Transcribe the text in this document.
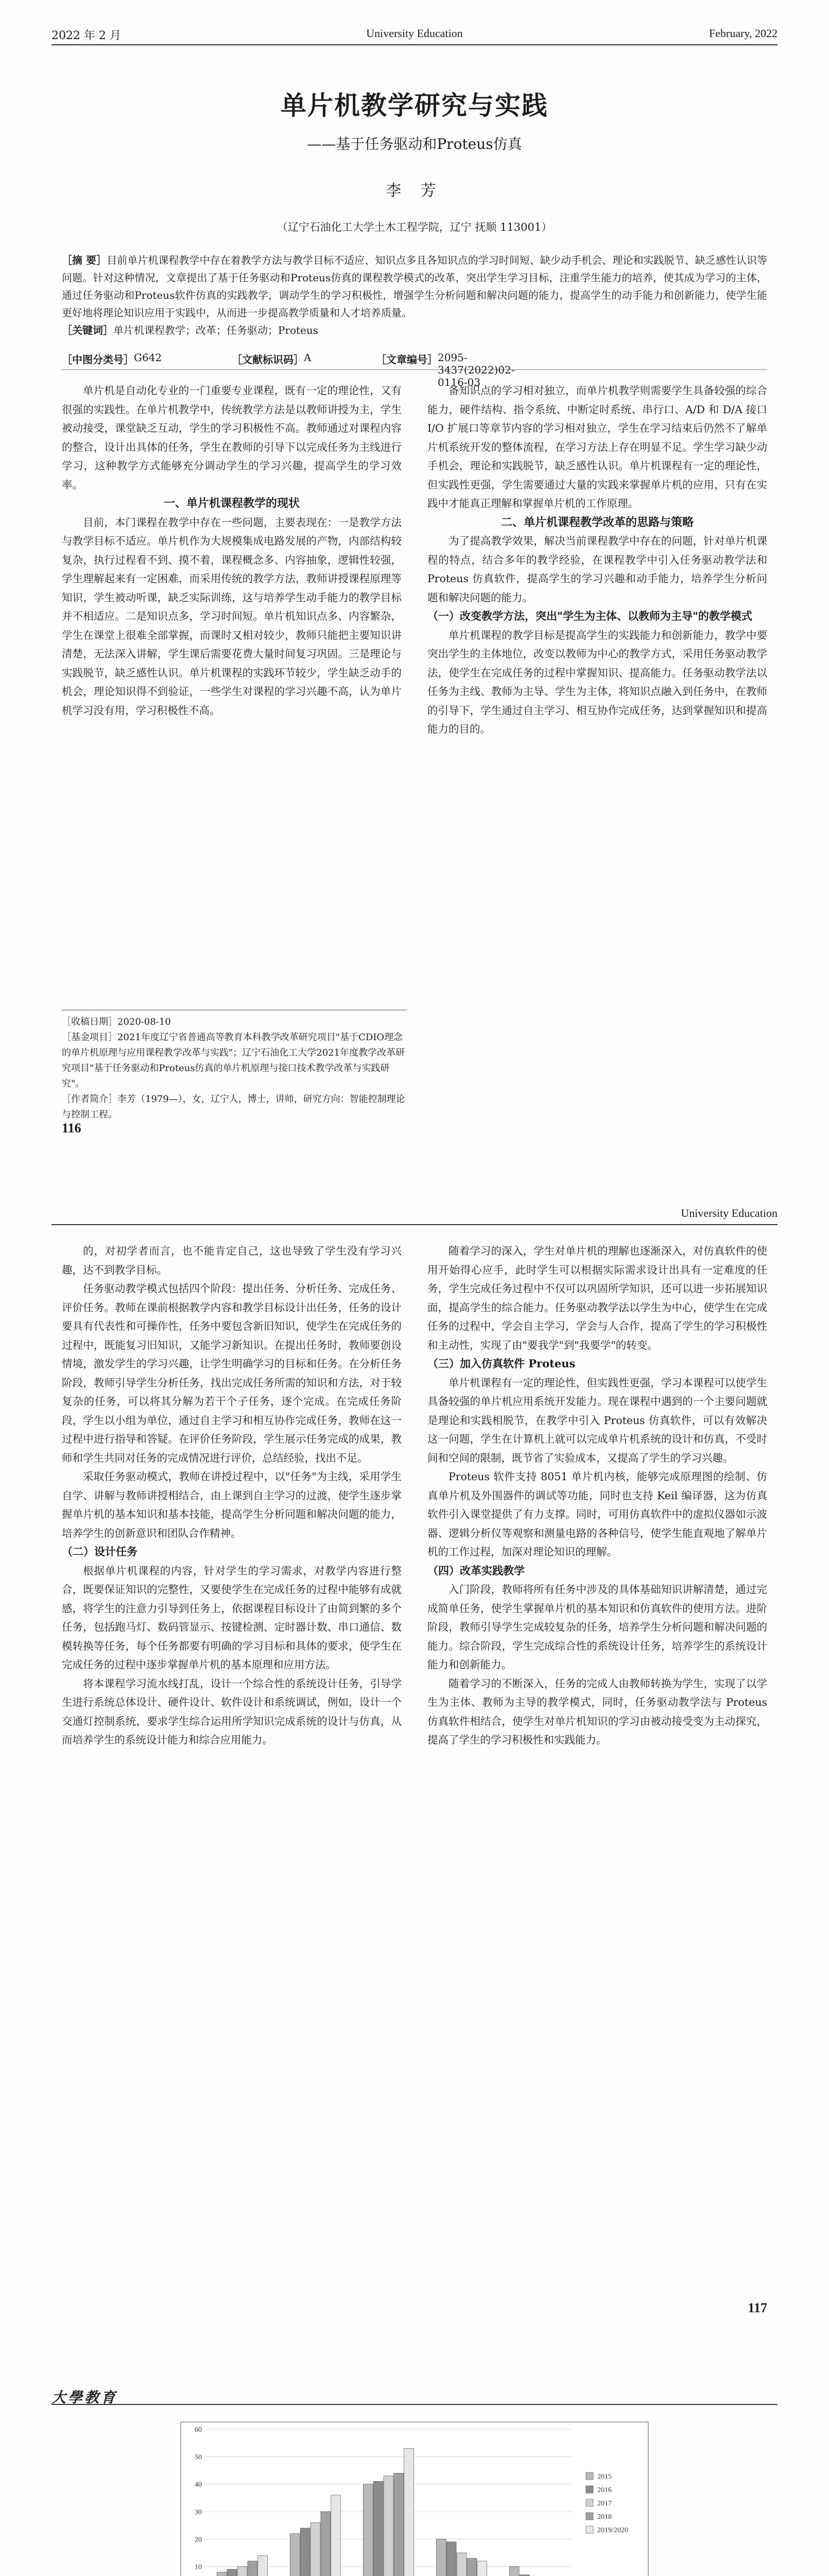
2022 年 2 月	University Education	February, 2022
单片机教学研究与实践
——基于任务驱动和Proteus仿真
李 芳
（辽宁石油化工大学土木工程学院，辽宁 抚顺 113001）
［摘 要］目前单片机课程教学中存在着教学方法与教学目标不适应、知识点多且各知识点的学习时间短、缺少动手机会、理论和实践脱节、缺乏感性认识等问题。针对这种情况，文章提出了基于任务驱动和Proteus仿真的课程教学模式的改革，突出学生学习目标，注重学生能力的培养，使其成为学习的主体，通过任务驱动和Proteus软件仿真的实践教学，调动学生的学习积极性，增强学生分析问题和解决问题的能力，提高学生的动手能力和创新能力，使学生能更好地将理论知识应用于实践中，从而进一步提高教学质量和人才培养质量。
［关键词］单片机课程教学；改革；任务驱动；Proteus
［中图分类号］ G642	［文献标识码］ A	［文章编号］ 2095-3437(2022)02-0116-03

单片机是自动化专业的一门重要专业课程，既有一定的理论性，又有很强的实践性。在单片机教学中，传统教学方法是以教师讲授为主，学生被动接受，课堂缺乏互动，学生的学习积极性不高。教师通过对课程内容的整合，设计出具体的任务，学生在教师的引导下以完成任务为主线进行学习，这种教学方式能够充分调动学生的学习兴趣，提高学生的学习效率。

一、单片机课程教学的现状

目前，本门课程在教学中存在一些问题，主要表现在：一是教学方法与教学目标不适应。单片机作为大规模集成电路发展的产物，内部结构较复杂，执行过程看不到、摸不着，课程概念多、内容抽象，逻辑性较强，学生理解起来有一定困难，而采用传统的教学方法，教师讲授课程原理等知识，学生被动听课，缺乏实际训练，这与培养学生动手能力的教学目标并不相适应。二是知识点多，学习时间短。单片机知识点多、内容繁杂，学生在课堂上很难全部掌握，而课时又相对较少，教师只能把主要知识讲清楚，无法深入讲解，学生课后需要花费大量时间复习巩固。三是理论与实践脱节，缺乏感性认识。单片机课程的实践环节较少，学生缺乏动手的机会，理论知识得不到验证，一些学生对课程的学习兴趣不高，认为单片机学习没有用，学习积极性不高。

备知识点的学习相对独立，而单片机教学则需要学生具备较强的综合能力，硬件结构、指令系统、中断定时系统、串行口、A/D 和 D/A 接口 I/O 扩展口等章节内容的学习相对独立，学生在学习结束后仍然不了解单片机系统开发的整体流程，在学习方法上存在明显不足。学生学习缺少动手机会，理论和实践脱节，缺乏感性认识。单片机课程有一定的理论性，但实践性更强，学生需要通过大量的实践来掌握单片机的应用，只有在实践中才能真正理解和掌握单片机的工作原理。

二、单片机课程教学改革的思路与策略

为了提高教学效果，解决当前课程教学中存在的问题，针对单片机课程的特点，结合多年的教学经验，在课程教学中引入任务驱动教学法和 Proteus 仿真软件，提高学生的学习兴趣和动手能力，培养学生分析问题和解决问题的能力。

（一）改变教学方法，突出"学生为主体、以教师为主导"的教学模式

单片机课程的教学目标是提高学生的实践能力和创新能力，教学中要突出学生的主体地位，改变以教师为中心的教学方式，采用任务驱动教学法，使学生在完成任务的过程中掌握知识、提高能力。任务驱动教学法以任务为主线、教师为主导、学生为主体，将知识点融入到任务中，在教师的引导下，学生通过自主学习、相互协作完成任务，达到掌握知识和提高能力的目的。

［收稿日期］2020-08-10
［基金项目］2021年度辽宁省普通高等教育本科教学改革研究项目"基于CDIO理念的单片机原理与应用课程教学改革与实践"；辽宁石油化工大学2021年度教学改革研究项目"基于任务驱动和Proteus仿真的单片机原理与接口技术教学改革与实践研究"。
［作者简介］李芳（1979—），女，辽宁人，博士，讲师，研究方向：智能控制理论与控制工程。
116
University Education

的，对初学者而言，也不能肯定自己，这也导致了学生没有学习兴趣，达不到教学目标。

任务驱动教学模式包括四个阶段：提出任务、分析任务、完成任务、评价任务。教师在课前根据教学内容和教学目标设计出任务，任务的设计要具有代表性和可操作性，任务中要包含新旧知识，使学生在完成任务的过程中，既能复习旧知识，又能学习新知识。在提出任务时，教师要创设情境，激发学生的学习兴趣，让学生明确学习的目标和任务。在分析任务阶段，教师引导学生分析任务，找出完成任务所需的知识和方法，对于较复杂的任务，可以将其分解为若干个子任务，逐个完成。在完成任务阶段，学生以小组为单位，通过自主学习和相互协作完成任务，教师在这一过程中进行指导和答疑。在评价任务阶段，学生展示任务完成的成果，教师和学生共同对任务的完成情况进行评价，总结经验，找出不足。

采取任务驱动模式，教师在讲授过程中，以"任务"为主线，采用学生自学、讲解与教师讲授相结合，由上课到自主学习的过渡，使学生逐步掌握单片机的基本知识和基本技能，提高学生分析问题和解决问题的能力，培养学生的创新意识和团队合作精神。

（二）设计任务

根据单片机课程的内容，针对学生的学习需求，对教学内容进行整合，既要保证知识的完整性，又要使学生在完成任务的过程中能够有成就感，将学生的注意力引导到任务上，依据课程目标设计了由简到繁的多个任务，包括跑马灯、数码管显示、按键检测、定时器计数、串口通信、数模转换等任务，每个任务都要有明确的学习目标和具体的要求，使学生在完成任务的过程中逐步掌握单片机的基本原理和应用方法。

将本课程学习流水线打乱，设计一个综合性的系统设计任务，引导学生进行系统总体设计、硬件设计、软件设计和系统调试，例如，设计一个交通灯控制系统，要求学生综合运用所学知识完成系统的设计与仿真，从而培养学生的系统设计能力和综合应用能力。

随着学习的深入，学生对单片机的理解也逐渐深入，对仿真软件的使用开始得心应手，此时学生可以根据实际需求设计出具有一定难度的任务，学生完成任务过程中不仅可以巩固所学知识，还可以进一步拓展知识面，提高学生的综合能力。任务驱动教学法以学生为中心，使学生在完成任务的过程中，学会自主学习，学会与人合作，提高了学生的学习积极性和主动性，实现了由"要我学"到"我要学"的转变。

（三）加入仿真软件 Proteus

单片机课程有一定的理论性，但实践性更强，学习本课程可以使学生具备较强的单片机应用系统开发能力。现在课程中遇到的一个主要问题就是理论和实践相脱节，在教学中引入 Proteus 仿真软件，可以有效解决这一问题，学生在计算机上就可以完成单片机系统的设计和仿真，不受时间和空间的限制，既节省了实验成本，又提高了学生的学习兴趣。

Proteus 软件支持 8051 单片机内核，能够完成原理图的绘制、仿真单片机及外围器件的调试等功能，同时也支持 Keil 编译器，这为仿真软件引入课堂提供了有力支撑。同时，可用仿真软件中的虚拟仪器如示波器、逻辑分析仪等观察和测量电路的各种信号，使学生能直观地了解单片机的工作过程，加深对理论知识的理解。

（四）改革实践教学

入门阶段，教师将所有任务中涉及的具体基础知识讲解清楚，通过完成简单任务，使学生掌握单片机的基本知识和仿真软件的使用方法。进阶阶段，教师引导学生完成较复杂的任务，培养学生分析问题和解决问题的能力。综合阶段，学生完成综合性的系统设计任务，培养学生的系统设计能力和创新能力。

随着学习的不断深入，任务的完成人由教师转换为学生，实现了以学生为主体、教师为主导的教学模式，同时，任务驱动教学法与 Proteus 仿真软件相结合，使学生对单片机知识的学习由被动接受变为主动探究，提高了学生的学习积极性和实践能力。

117
大學教育
10
20
30
40
50
60
2015
2016
2017
2018
2019/2020
